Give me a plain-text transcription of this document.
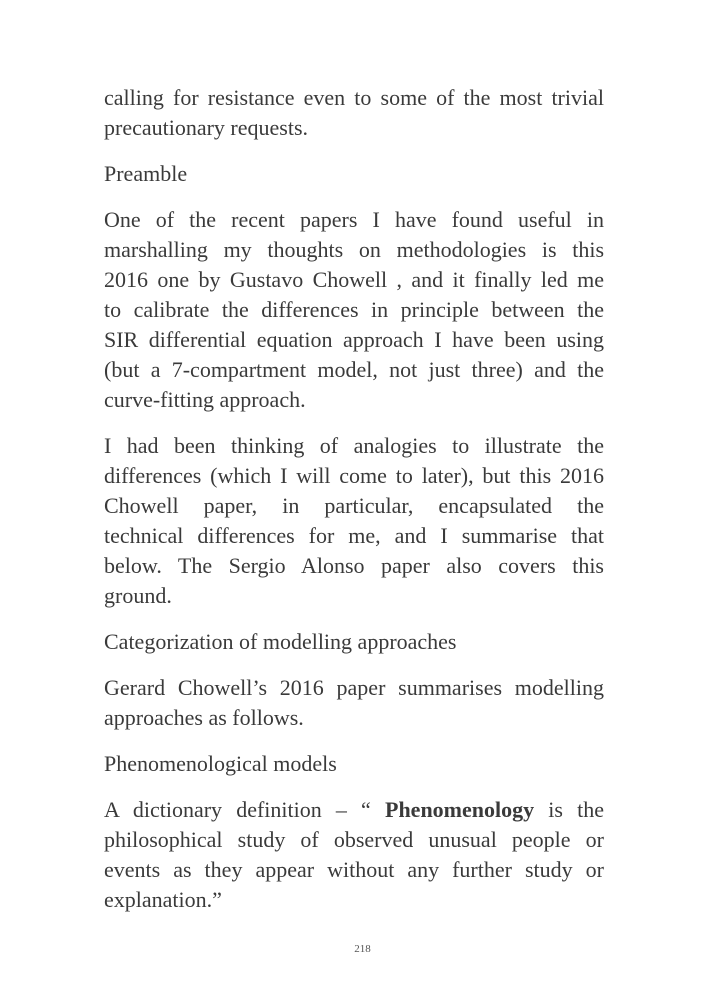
calling for resistance even to some of the most trivial
precautionary requests.
Preamble
One of the recent papers I have found useful in
marshalling my thoughts on methodologies is this
2016 one by Gustavo Chowell , and it finally led me
to calibrate the differences in principle between the
SIR differential equation approach I have been using
(but a 7-compartment model, not just three) and the
curve-fitting approach.
I had been thinking of analogies to illustrate the
differences (which I will come to later), but this 2016
Chowell paper, in particular, encapsulated the
technical differences for me, and I summarise that
below. The Sergio Alonso paper also covers this
ground.
Categorization of modelling approaches
Gerard Chowell’s 2016 paper summarises modelling
approaches as follows.
Phenomenological models
A dictionary definition – “ Phenomenology is the
philosophical study of observed unusual people or
events as they appear without any further study or
explanation.”
218
